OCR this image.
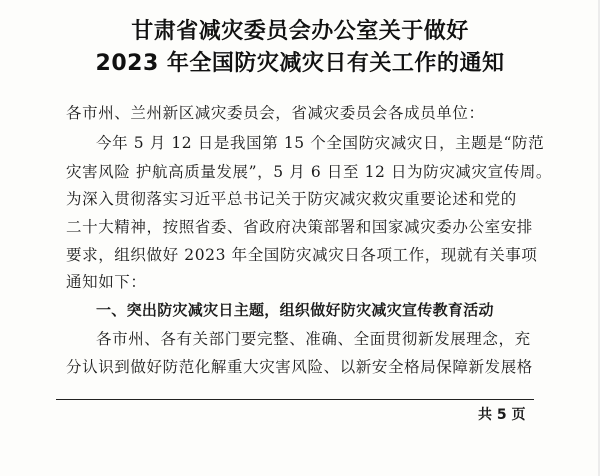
甘肃省减灾委员会办公室关于做好
2023 年全国防灾减灾日有关工作的通知
各市州、兰州新区减灾委员会，省减灾委员会各成员单位：
今年 5 月 12 日是我国第 15 个全国防灾减灾日，主题是“防范
灾害风险 护航高质量发展”，5 月 6 日至 12 日为防灾减灾宣传周。
为深入贯彻落实习近平总书记关于防灾减灾救灾重要论述和党的
二十大精神，按照省委、省政府决策部署和国家减灾委办公室安排
要求，组织做好 2023 年全国防灾减灾日各项工作，现就有关事项
通知如下：
一、突出防灾减灾日主题，组织做好防灾减灾宣传教育活动
各市州、各有关部门要完整、准确、全面贯彻新发展理念，充
分认识到做好防范化解重大灾害风险、以新安全格局保障新发展格
共 5 页
